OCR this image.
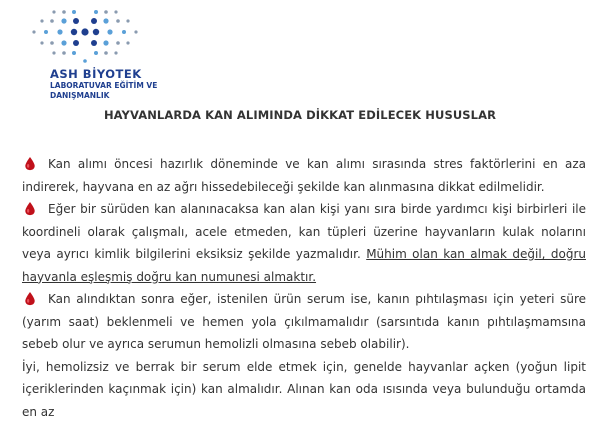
ASH BİYOTEK
LABORATUVAR EĞİTİM VE
DANIŞMANLIK
HAYVANLARDA KAN ALIMINDA DİKKAT EDİLECEK HUSUSLAR

Kan alımı öncesi hazırlık döneminde ve kan alımı sırasında stres faktörlerini en aza indirerek, hayvana en az ağrı hissedebileceği şekilde kan alınmasına dikkat edilmelidir.

Eğer bir sürüden kan alanınacaksa kan alan kişi yanı sıra birde yardımcı kişi birbirleri ile koordineli olarak çalışmalı, acele etmeden, kan tüpleri üzerine hayvanların kulak nolarını veya ayrıcı kimlik bilgilerini eksiksiz şekilde yazmalıdır. Mühim olan kan almak değil, doğru hayvanla eşleşmiş doğru kan numunesi almaktır.

Kan alındıktan sonra eğer, istenilen ürün serum ise, kanın pıhtılaşması için yeteri süre (yarım saat) beklenmeli ve hemen yola çıkılmamalıdır (sarsıntıda kanın pıhtılaşmamsına sebeb olur ve ayrıca serumun hemolizli olmasına sebeb olabilir).

İyi, hemolizsiz ve berrak bir serum elde etmek için, genelde hayvanlar açken (yoğun lipit içeriklerinden kaçınmak için) kan almalıdır. Alınan kan oda ısısında veya bulunduğu ortamda en az
